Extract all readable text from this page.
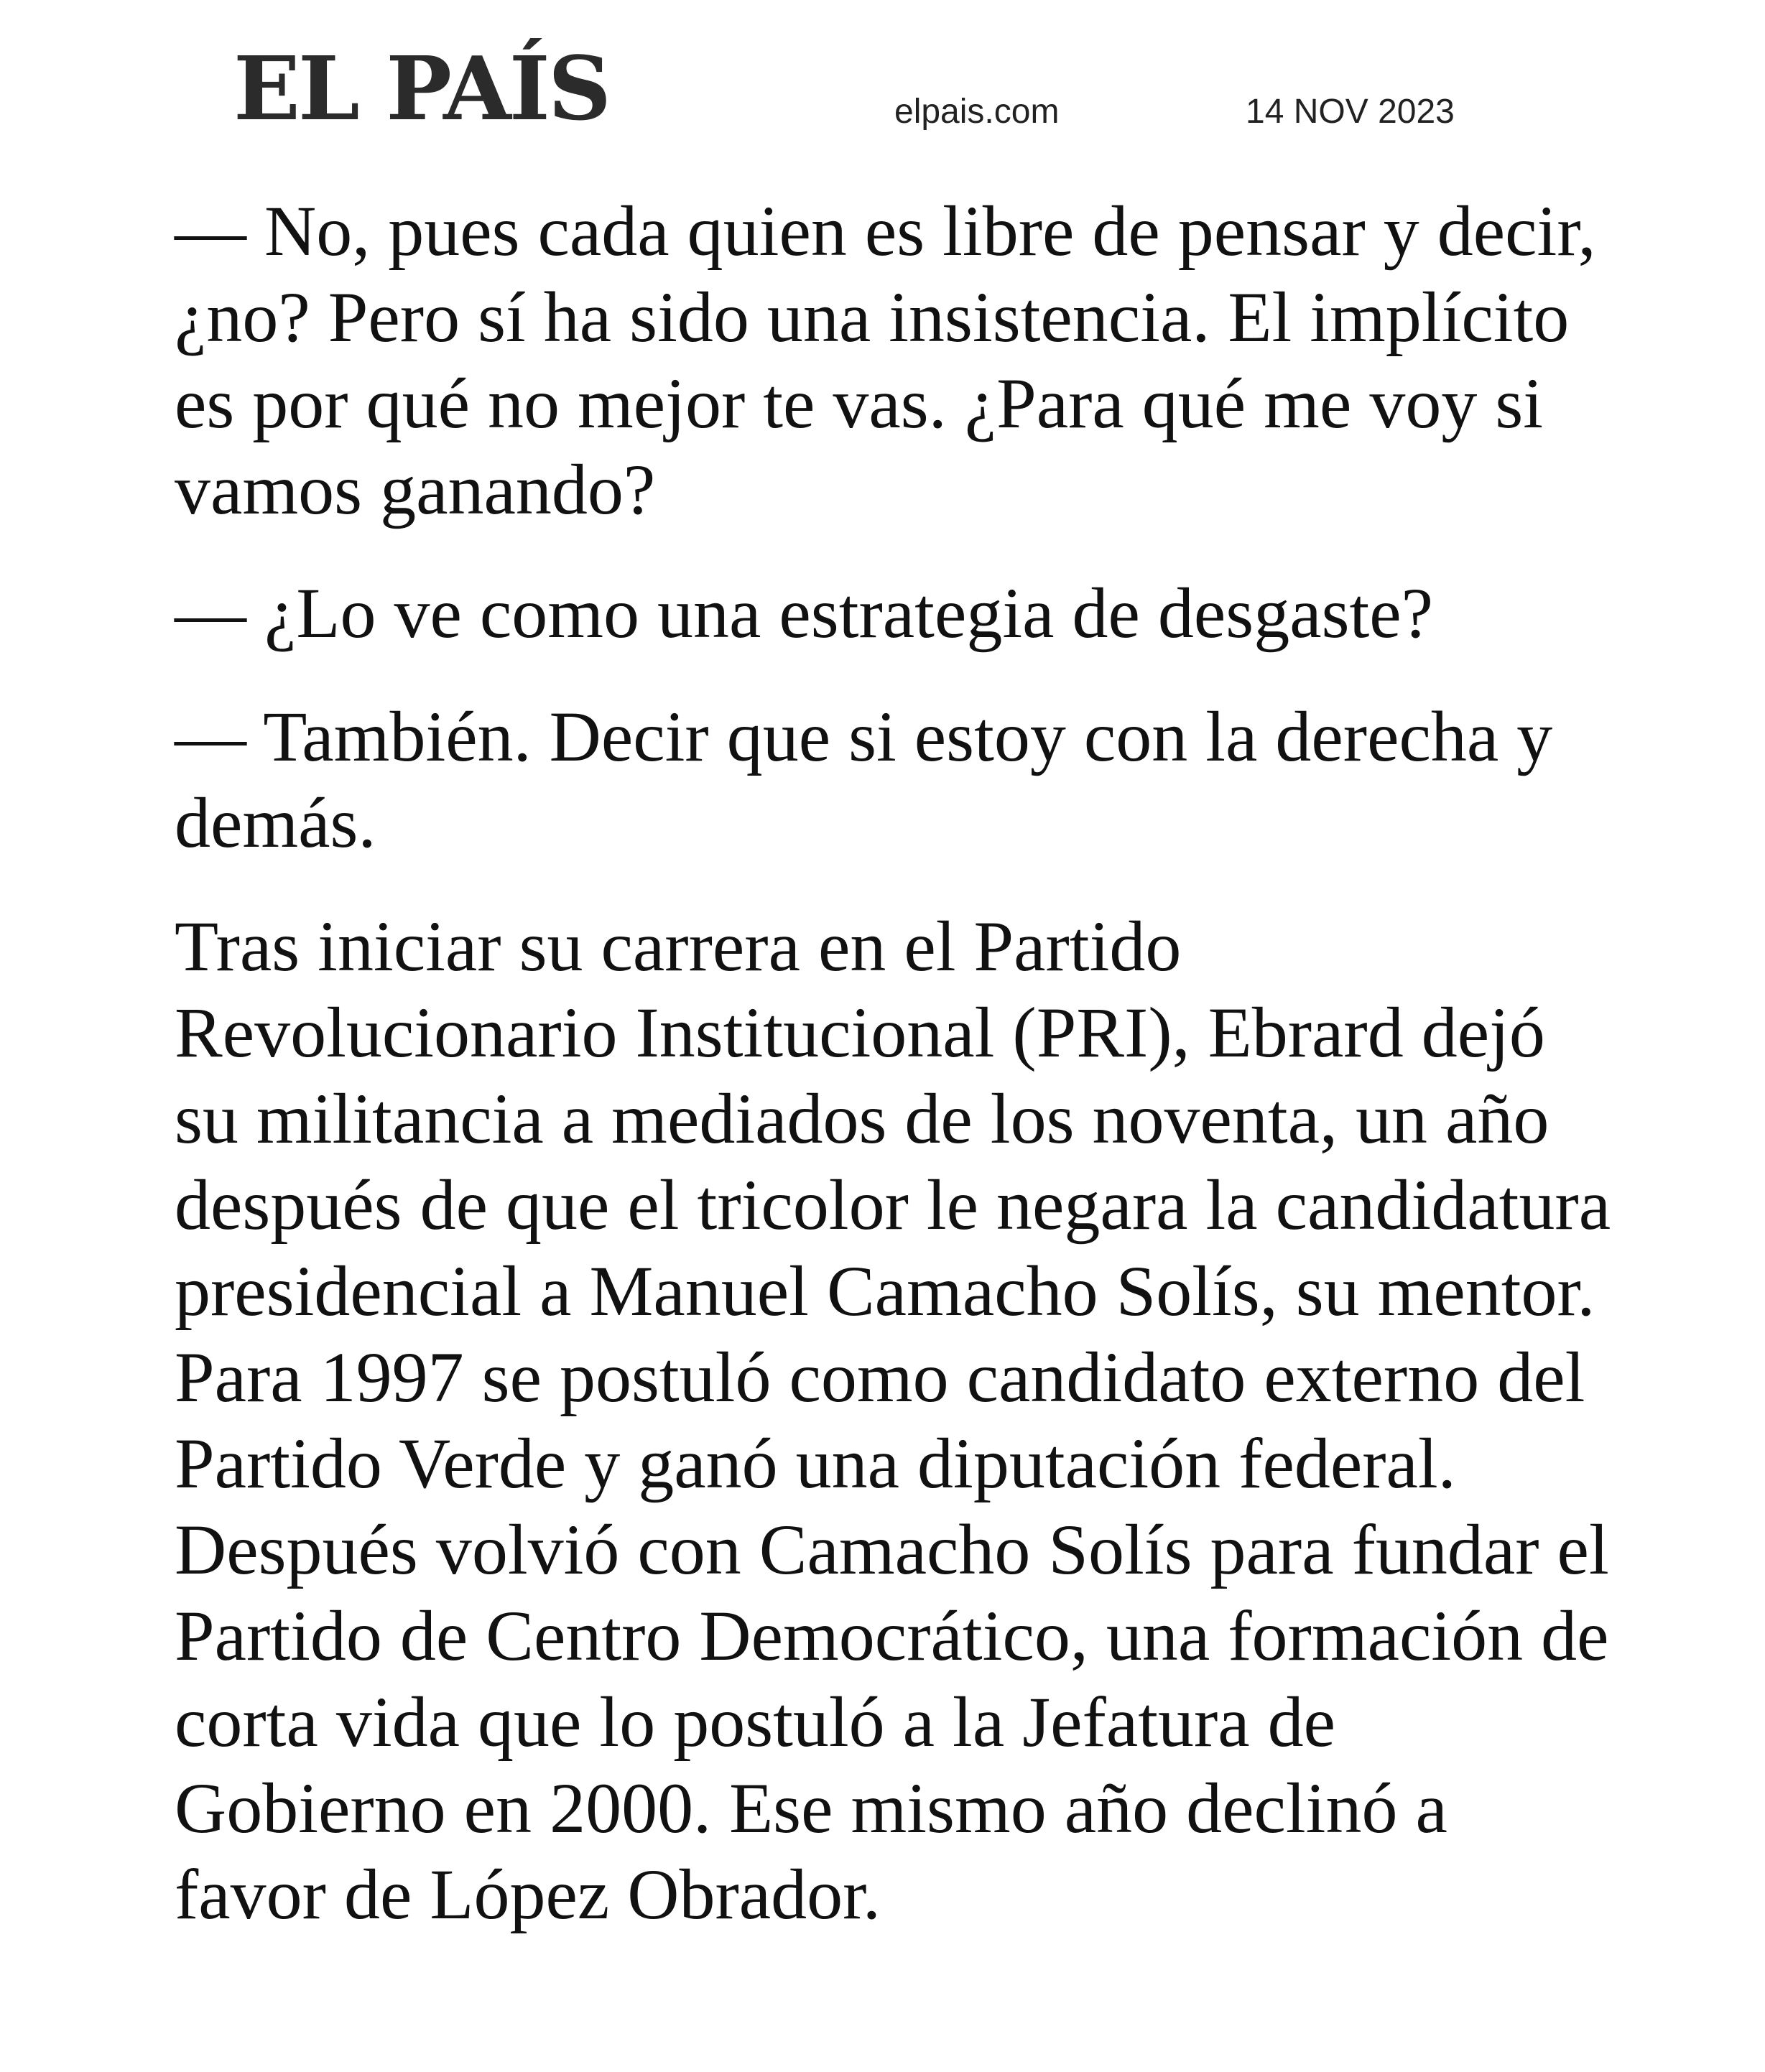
EL PAÍS	elpais.com	14 NOV 2023

— No, pues cada quien es libre de pensar y decir, ¿no? Pero sí ha sido una insistencia. El implícito es por qué no mejor te vas. ¿Para qué me voy si vamos ganando?

— ¿Lo ve como una estrategia de desgaste?

— También. Decir que si estoy con la derecha y demás.

Tras iniciar su carrera en el Partido Revolucionario Institucional (PRI), Ebrard dejó su militancia a mediados de los noventa, un año después de que el tricolor le negara la candidatura presidencial a Manuel Camacho Solís, su mentor. Para 1997 se postuló como candidato externo del Partido Verde y ganó una diputación federal. Después volvió con Camacho Solís para fundar el Partido de Centro Democrático, una formación de corta vida que lo postuló a la Jefatura de Gobierno en 2000. Ese mismo año declinó a favor de López Obrador.
